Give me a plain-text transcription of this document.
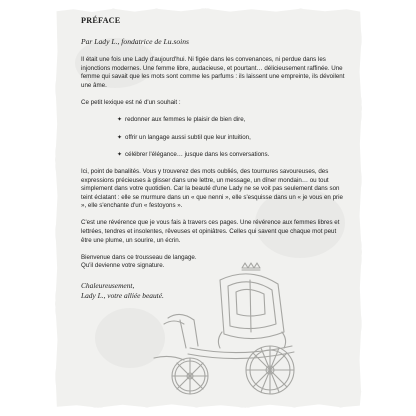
PRÉFACE
Par Lady L., fondatrice de Lu.soins

Il était une fois une Lady d'aujourd'hui. Ni figée dans les convenances, ni perdue dans les injonctions modernes. Une femme libre, audacieuse, et pourtant… délicieusement raffinée. Une femme qui savait que les mots sont comme les parfums : ils laissent une empreinte, ils dévoilent une âme.

Ce petit lexique est né d'un souhait :

✦ redonner aux femmes le plaisir de bien dire,
✦ offrir un langage aussi subtil que leur intuition,
✦ célébrer l'élégance… jusque dans les conversations.

Ici, point de banalités. Vous y trouverez des mots oubliés, des tournures savoureuses, des expressions précieuses à glisser dans une lettre, un message, un dîner mondain… ou tout simplement dans votre quotidien. Car la beauté d'une Lady ne se voit pas seulement dans son teint éclatant : elle se murmure dans un « que nenni », elle s'esquisse dans un « je vous en prie », elle s'enchante d'un « festoyons ».

C'est une révérence que je vous fais à travers ces pages. Une révérence aux femmes libres et lettrées, tendres et insolentes, rêveuses et opiniâtres. Celles qui savent que chaque mot peut être une plume, un sourire, un écrin.

Bienvenue dans ce trousseau de langage.
Qu'il devienne votre signature.

Chaleureusement,
Lady L., votre alliée beauté.
